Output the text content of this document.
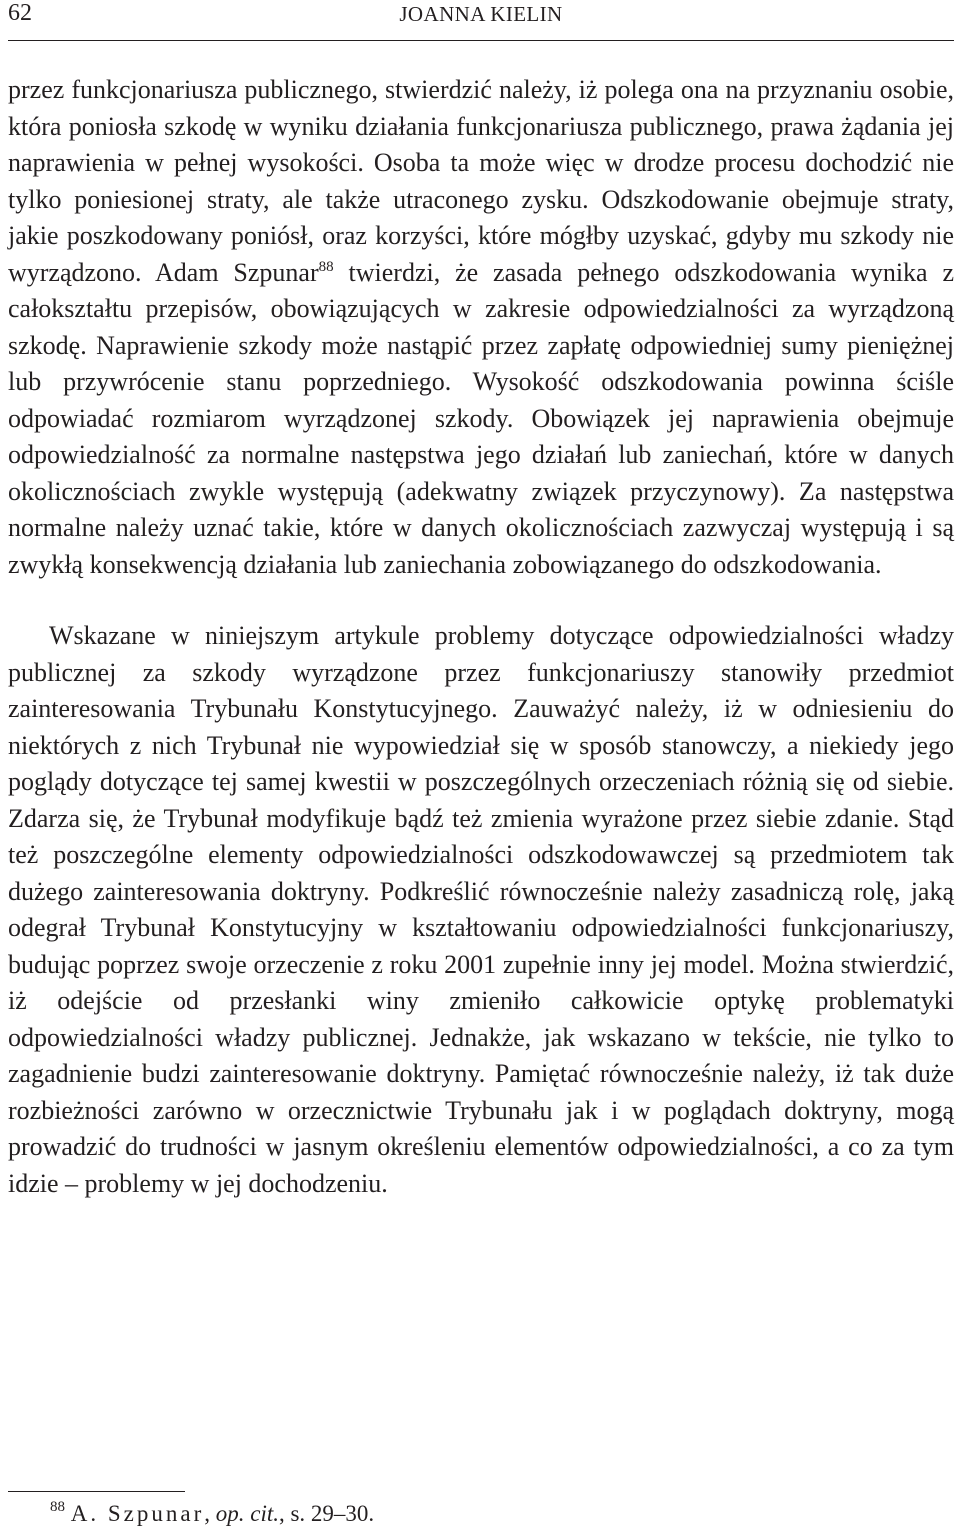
62	JOANNA KIELIN

przez funkcjonariusza publicznego, stwierdzić należy, iż polega ona na przyznaniu osobie, która poniosła szkodę w wyniku działania funkcjonariusza publicznego, prawa żądania jej naprawienia w pełnej wysokości. Osoba ta może więc w drodze procesu dochodzić nie tylko poniesionej straty, ale także utraconego zysku. Odszkodowanie obejmuje straty, jakie poszkodowany poniósł, oraz korzyści, które mógłby uzyskać, gdyby mu szkody nie wyrządzono. Adam Szpunar$^{88}$ twierdzi, że zasada pełnego odszkodowania wynika z całokształtu przepisów, obowiązujących w zakresie odpowiedzialności za wyrządzoną szkodę. Naprawienie szkody może nastąpić przez zapłatę odpowiedniej sumy pieniężnej lub przywrócenie stanu poprzedniego. Wysokość odszkodowania powinna ściśle odpowiadać rozmiarom wyrządzonej szkody. Obowiązek jej naprawienia obejmuje odpowiedzialność za normalne następstwa jego działań lub zaniechań, które w danych okolicznościach zwykle występują (adekwatny związek przyczynowy). Za następstwa normalne należy uznać takie, które w danych okolicznościach zazwyczaj występują i są zwykłą konsekwencją działania lub zaniechania zobowiązanego do odszkodowania.

Wskazane w niniejszym artykule problemy dotyczące odpowiedzialności władzy publicznej za szkody wyrządzone przez funkcjonariuszy stanowiły przedmiot zainteresowania Trybunału Konstytucyjnego. Zauważyć należy, iż w odniesieniu do niektórych z nich Trybunał nie wypowiedział się w sposób stanowczy, a niekiedy jego poglądy dotyczące tej samej kwestii w poszczególnych orzeczeniach różnią się od siebie. Zdarza się, że Trybunał modyfikuje bądź też zmienia wyrażone przez siebie zdanie. Stąd też poszczególne elementy odpowiedzialności odszkodowawczej są przedmiotem tak dużego zainteresowania doktryny. Podkreślić równocześnie należy zasadniczą rolę, jaką odegrał Trybunał Konstytucyjny w kształtowaniu odpowiedzialności funkcjonariuszy, budując poprzez swoje orzeczenie z roku 2001 zupełnie inny jej model. Można stwierdzić, iż odejście od przesłanki winy zmieniło całkowicie optykę problematyki odpowiedzialności władzy publicznej. Jednakże, jak wskazano w tekście, nie tylko to zagadnienie budzi zainteresowanie doktryny. Pamiętać równocześnie należy, iż tak duże rozbieżności zarówno w orzecznictwie Trybunału jak i w poglądach doktryny, mogą prowadzić do trudności w jasnym określeniu elementów odpowiedzialności, a co za tym idzie – problemy w jej dochodzeniu.

$^{88}$ A. Szpunar, op. cit., s. 29–30.
